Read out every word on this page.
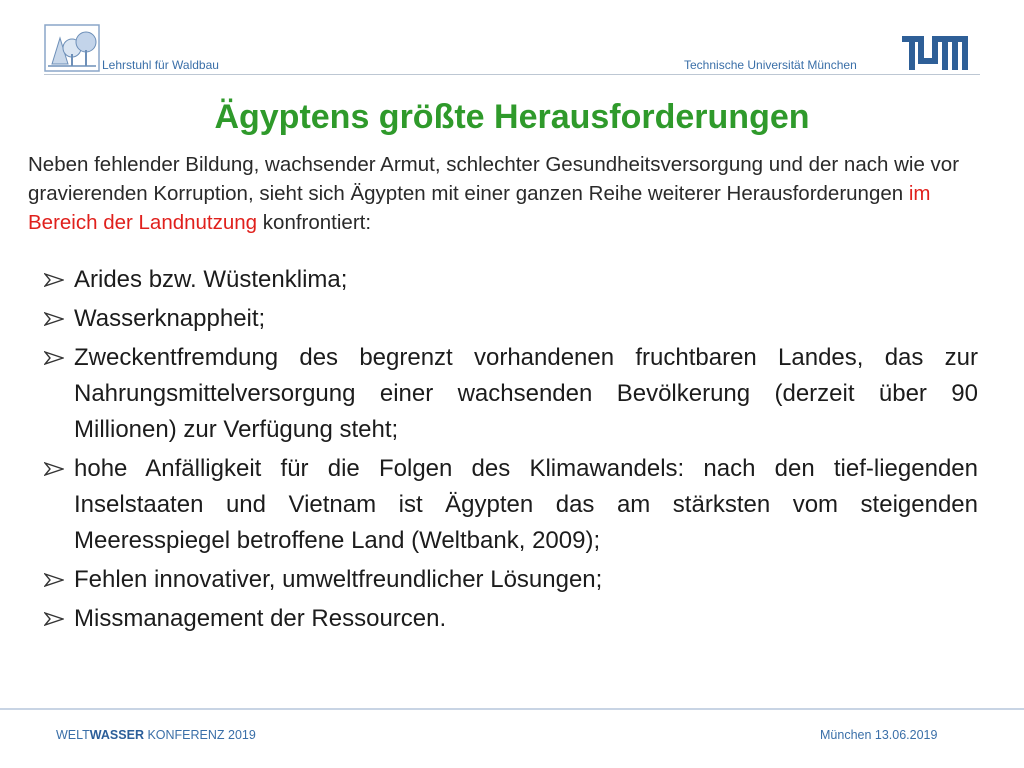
Lehrstuhl für Waldbau	Technische Universität München
Ägyptens größte Herausforderungen
Neben fehlender Bildung, wachsender Armut, schlechter Gesundheitsversorgung und der nach wie vor gravierenden Korruption, sieht sich Ägypten mit einer ganzen Reihe weiterer Herausforderungen im Bereich der Landnutzung konfrontiert:
Arides bzw. Wüstenklima;
Wasserknappheit;
Zweckentfremdung des begrenzt vorhandenen fruchtbaren Landes, das zur Nahrungsmittelversorgung einer wachsenden Bevölkerung (derzeit über 90 Millionen) zur Verfügung steht;
hohe Anfälligkeit für die Folgen des Klimawandels: nach den tief-liegenden Inselstaaten und Vietnam ist Ägypten das am stärksten vom steigenden Meeresspiegel betroffene Land (Weltbank, 2009);
Fehlen innovativer, umweltfreundlicher Lösungen;
Missmanagement der Ressourcen.
WELTWASSER KONFERENZ 2019	München 13.06.2019
